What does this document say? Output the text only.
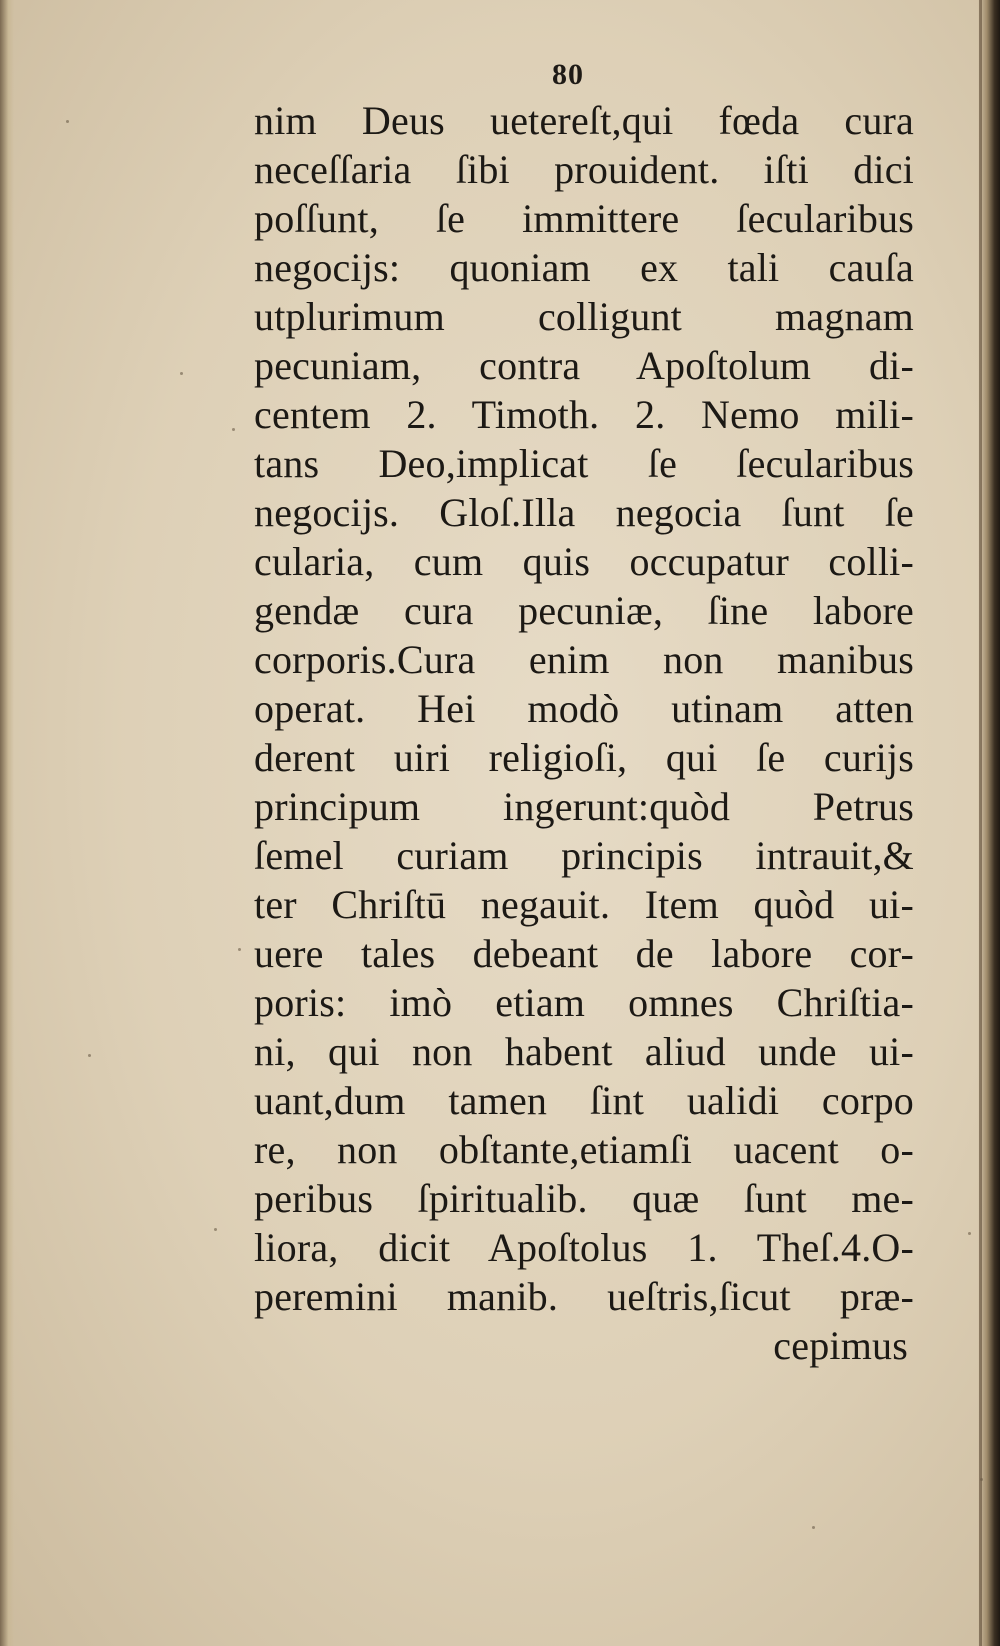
80
nim Deus uetereſt,qui fœda cura
neceſſaria ſibi prouident. iſti dici
poſſunt, ſe immittere ſecularibus
negocijs: quoniam ex tali cauſa
utplurimum colligunt magnam
pecuniam, contra Apoſtolum di-
centem 2. Timoth. 2. Nemo mili-
tans Deo,implicat ſe ſecularibus
negocijs. Gloſ.Illa negocia ſunt ſe
cularia, cum quis occupatur colli-
gendæ cura pecuniæ, ſine labore
corporis.Cura enim non manibus
operat. Hei modò utinam atten
derent uiri religioſi, qui ſe curijs
principum ingerunt:quòd Petrus
ſemel curiam principis intrauit,&
ter Chriſtū negauit. Item quòd ui-
uere tales debeant de labore cor-
poris: imò etiam omnes Chriſtia-
ni, qui non habent aliud unde ui-
uant,dum tamen ſint ualidi corpo
re, non obſtante,etiamſi uacent o-
peribus ſpiritualib. quæ ſunt me-
liora, dicit Apoſtolus 1. Theſ.4.O-
peremini manib. ueſtris,ſicut præ-
cepimus
